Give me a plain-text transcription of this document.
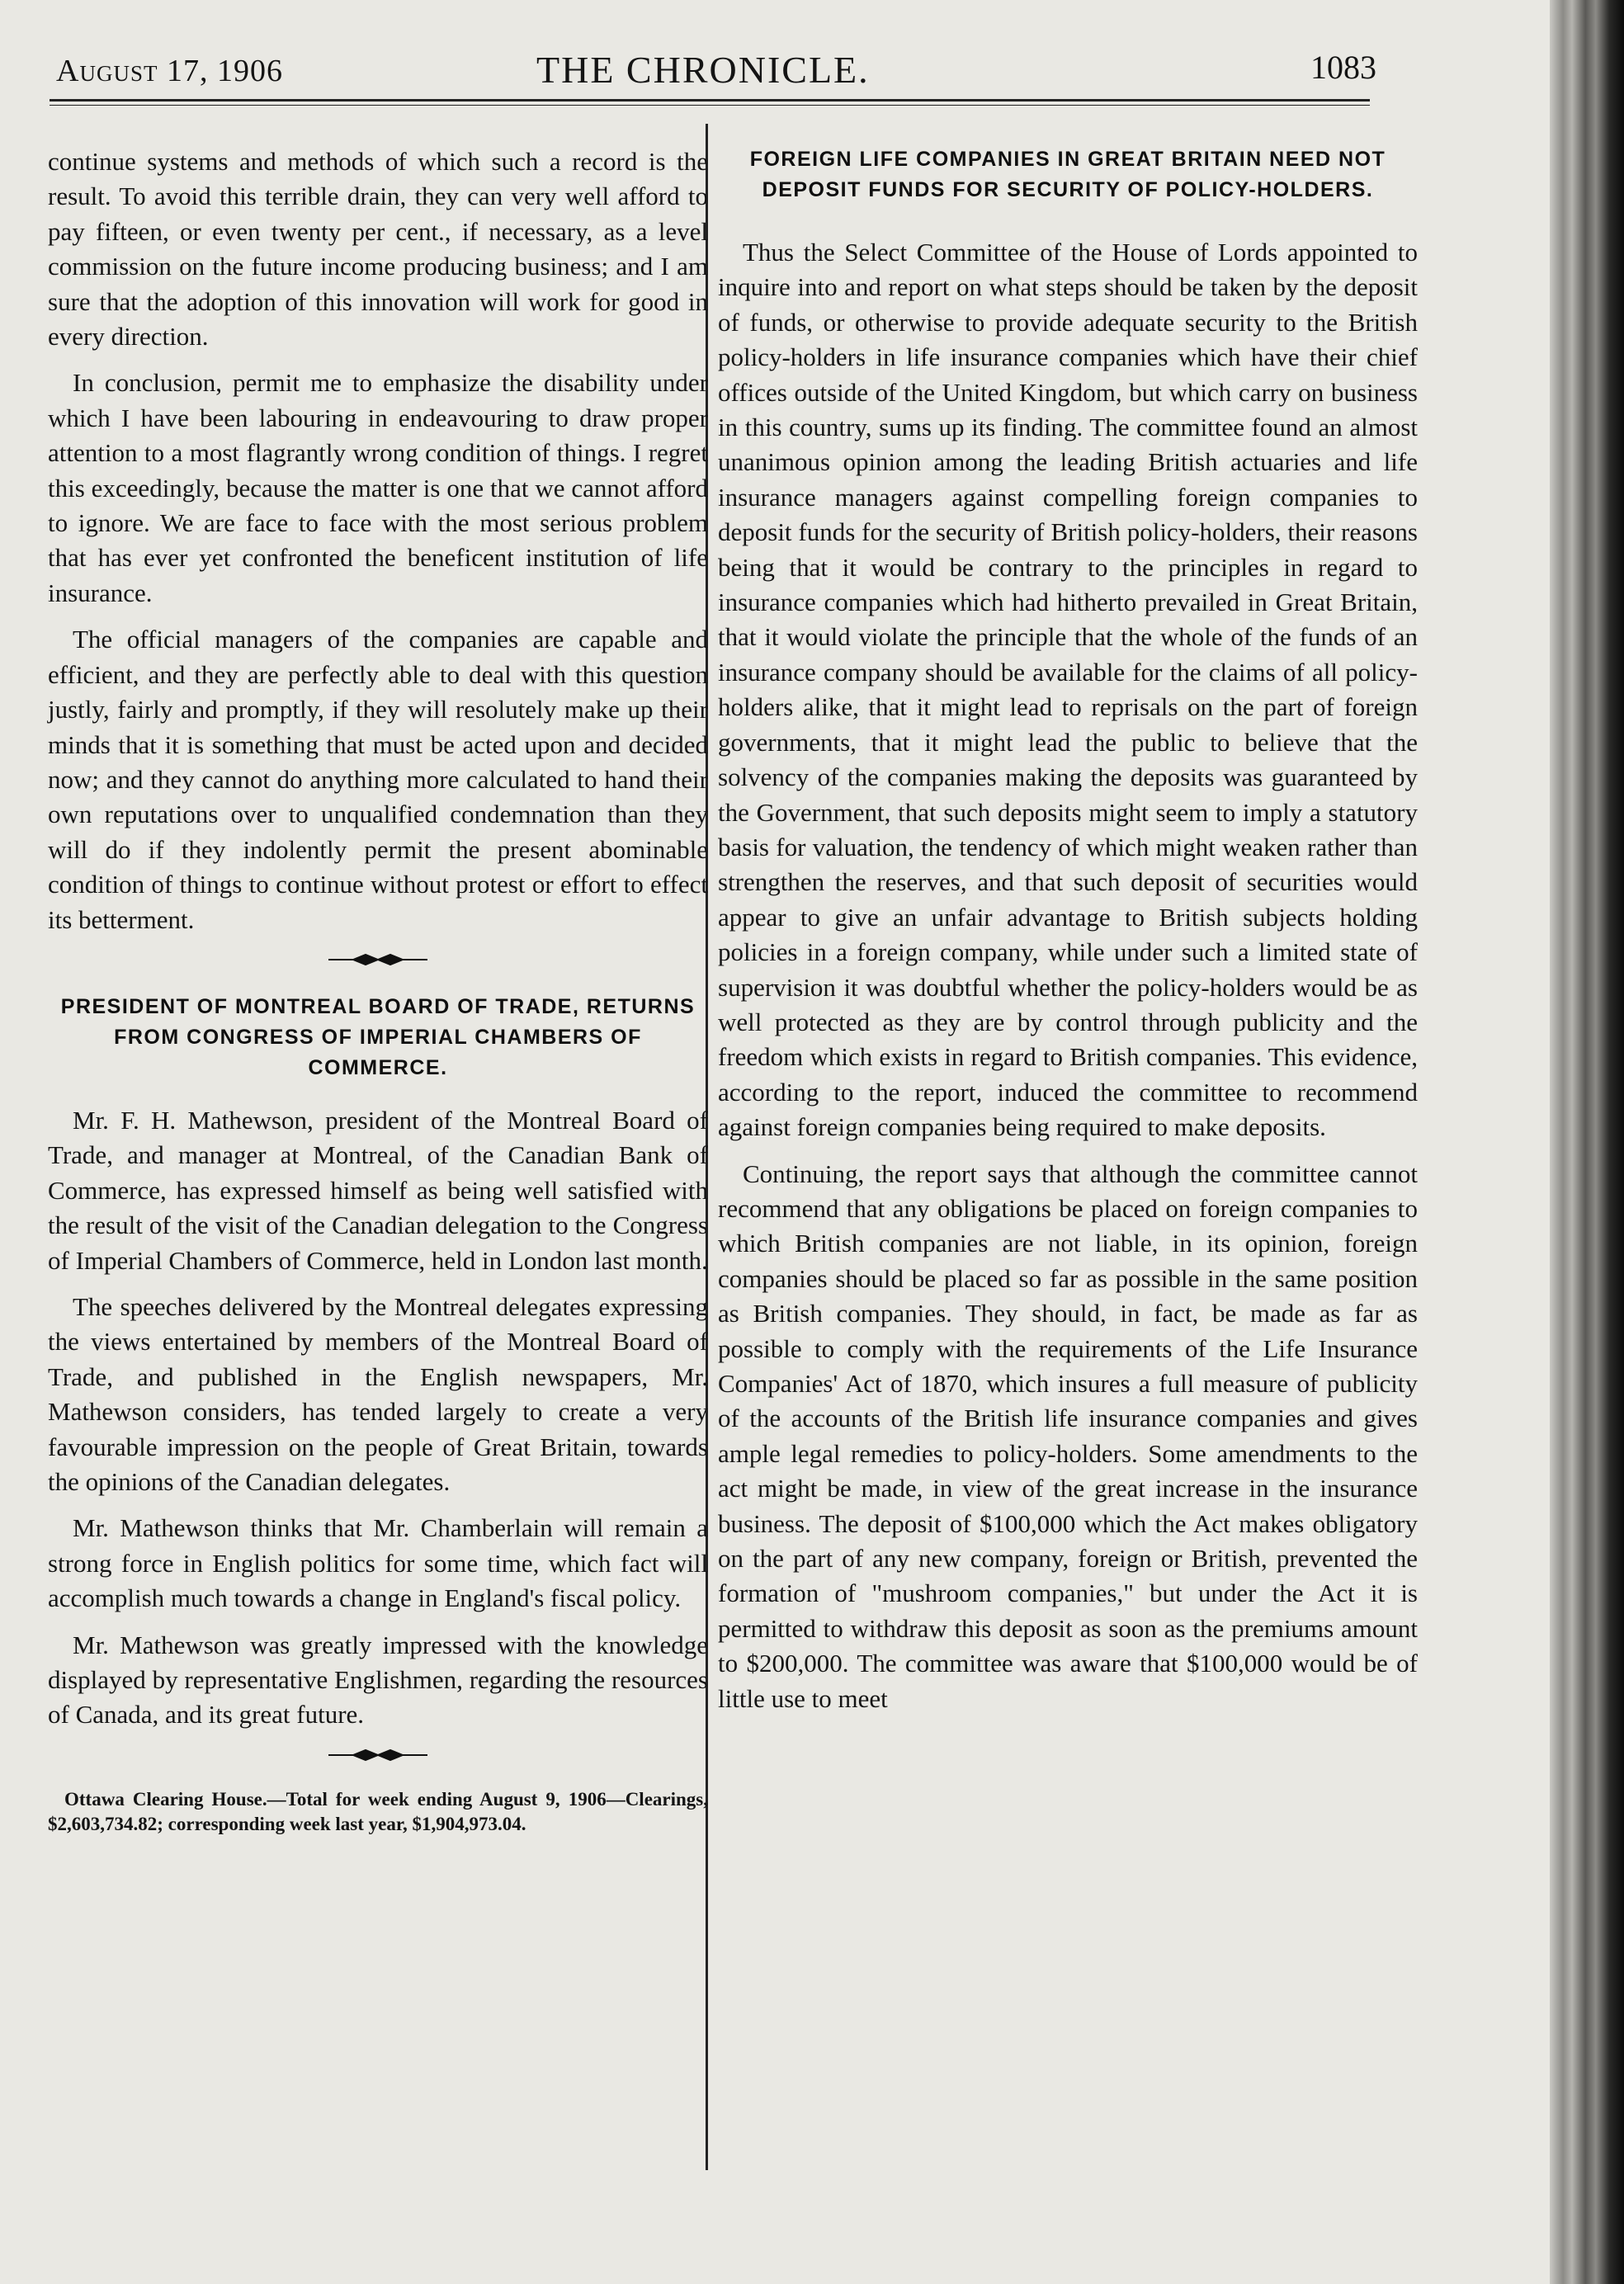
August 17, 1906	THE CHRONICLE.	1083

continue systems and methods of which such a record is the result. To avoid this terrible drain, they can very well afford to pay fifteen, or even twenty per cent., if necessary, as a level commission on the future income producing business; and I am sure that the adoption of this innovation will work for good in every direction.

In conclusion, permit me to emphasize the disability under which I have been labouring in endeavouring to draw proper attention to a most flagrantly wrong condition of things. I regret this exceedingly, because the matter is one that we cannot afford to ignore. We are face to face with the most serious problem that has ever yet confronted the beneficent institution of life insurance.

The official managers of the companies are capable and efficient, and they are perfectly able to deal with this question justly, fairly and promptly, if they will resolutely make up their minds that it is something that must be acted upon and decided now; and they cannot do anything more calculated to hand their own reputations over to unqualified condemnation than they will do if they indolently permit the present abominable condition of things to continue without protest or effort to effect its betterment.

PRESIDENT OF MONTREAL BOARD OF TRADE, RETURNS FROM CONGRESS OF IMPERIAL CHAMBERS OF COMMERCE.

Mr. F. H. Mathewson, president of the Montreal Board of Trade, and manager at Montreal, of the Canadian Bank of Commerce, has expressed himself as being well satisfied with the result of the visit of the Canadian delegation to the Congress of Imperial Chambers of Commerce, held in London last month.

The speeches delivered by the Montreal delegates expressing the views entertained by members of the Montreal Board of Trade, and published in the English newspapers, Mr. Mathewson considers, has tended largely to create a very favourable impression on the people of Great Britain, towards the opinions of the Canadian delegates.

Mr. Mathewson thinks that Mr. Chamberlain will remain a strong force in English politics for some time, which fact will accomplish much towards a change in England's fiscal policy.

Mr. Mathewson was greatly impressed with the knowledge displayed by representative Englishmen, regarding the resources of Canada, and its great future.

Ottawa Clearing House.—Total for week ending August 9, 1906—Clearings, $2,603,734.82; corresponding week last year, $1,904,973.04.

FOREIGN LIFE COMPANIES IN GREAT BRITAIN NEED NOT DEPOSIT FUNDS FOR SECURITY OF POLICY-HOLDERS.

Thus the Select Committee of the House of Lords appointed to inquire into and report on what steps should be taken by the deposit of funds, or otherwise to provide adequate security to the British policy-holders in life insurance companies which have their chief offices outside of the United Kingdom, but which carry on business in this country, sums up its finding. The committee found an almost unanimous opinion among the leading British actuaries and life insurance managers against compelling foreign companies to deposit funds for the security of British policy-holders, their reasons being that it would be contrary to the principles in regard to insurance companies which had hitherto prevailed in Great Britain, that it would violate the principle that the whole of the funds of an insurance company should be available for the claims of all policy-holders alike, that it might lead to reprisals on the part of foreign governments, that it might lead the public to believe that the solvency of the companies making the deposits was guaranteed by the Government, that such deposits might seem to imply a statutory basis for valuation, the tendency of which might weaken rather than strengthen the reserves, and that such deposit of securities would appear to give an unfair advantage to British subjects holding policies in a foreign company, while under such a limited state of supervision it was doubtful whether the policy-holders would be as well protected as they are by control through publicity and the freedom which exists in regard to British companies. This evidence, according to the report, induced the committee to recommend against foreign companies being required to make deposits.

Continuing, the report says that although the committee cannot recommend that any obligations be placed on foreign companies to which British companies are not liable, in its opinion, foreign companies should be placed so far as possible in the same position as British companies. They should, in fact, be made as far as possible to comply with the requirements of the Life Insurance Companies' Act of 1870, which insures a full measure of publicity of the accounts of the British life insurance companies and gives ample legal remedies to policy-holders. Some amendments to the act might be made, in view of the great increase in the insurance business. The deposit of $100,000 which the Act makes obligatory on the part of any new company, foreign or British, prevented the formation of "mushroom companies," but under the Act it is permitted to withdraw this deposit as soon as the premiums amount to $200,000. The committee was aware that $100,000 would be of little use to meet
